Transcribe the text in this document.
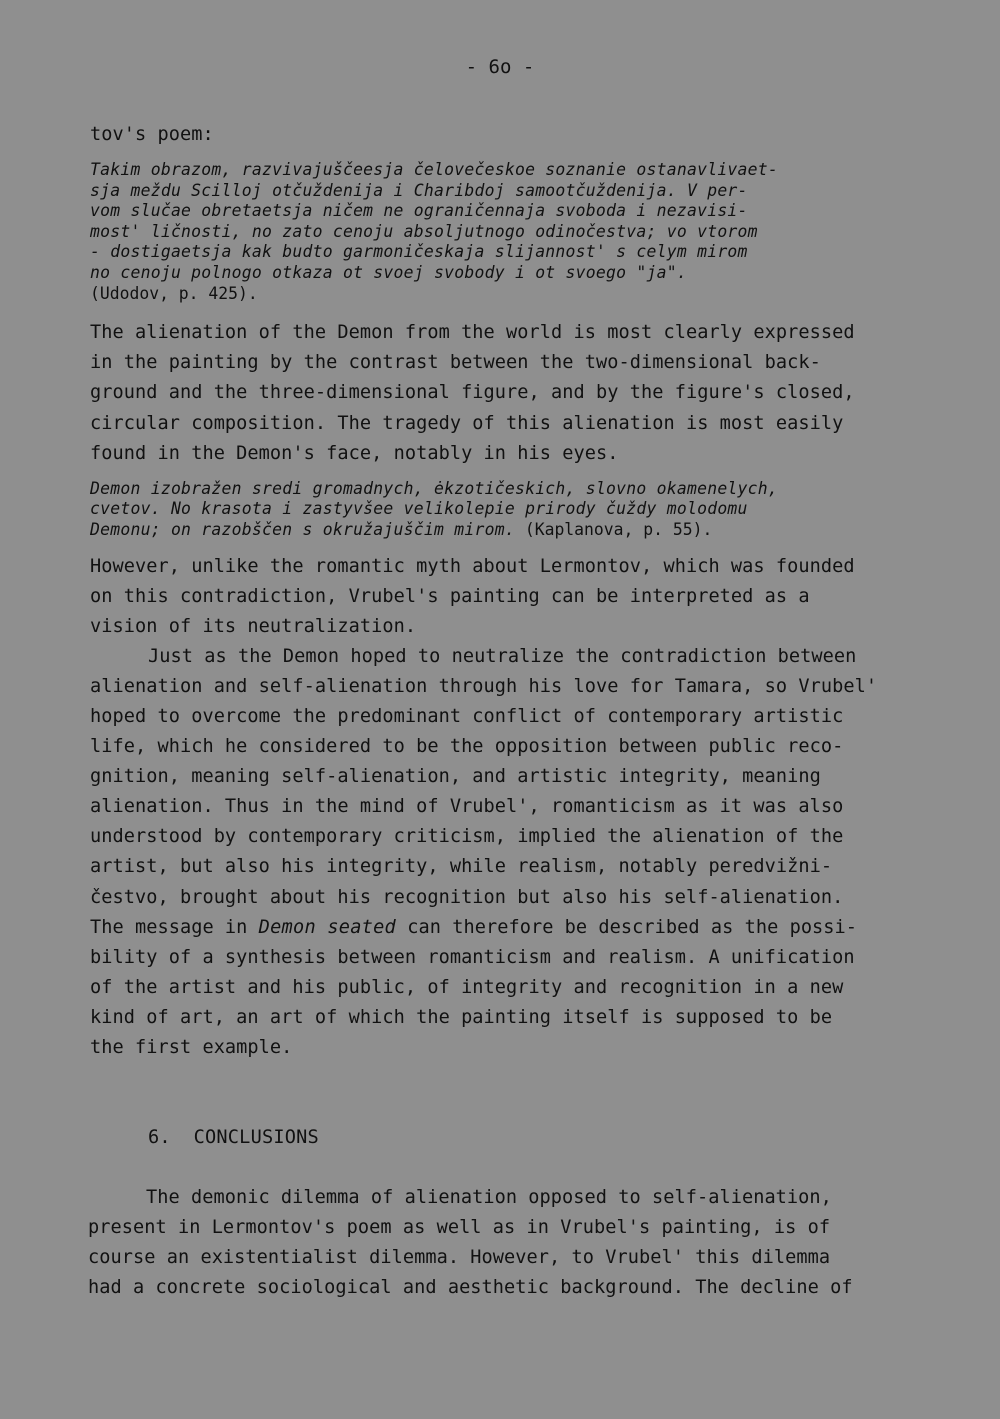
- 6o -

tov's poem:

Takim obrazom, razvivajuščeesja čelovečeskoe soznanie ostanavlivaet-
sja meždu Scilloj otčuždenija i Charibdoj samootčuždenija. V per-
vom slučae obretaetsja ničem ne ograničennaja svoboda i nezavisi-
most' ličnosti, no zato cenoju absoljutnogo odinočestva; vo vtorom
- dostigaetsja kak budto garmoničeskaja slijannost' s celym mirom
no cenoju polnogo otkaza ot svoej svobody i ot svoego "ja".
(Udodov, p. 425).

The alienation of the Demon from the world is most clearly expressed
in the painting by the contrast between the two-dimensional back-
ground and the three-dimensional figure, and by the figure's closed,
circular composition. The tragedy of this alienation is most easily
found in the Demon's face, notably in his eyes.

Demon izobražen sredi gromadnych, ėkzotičeskich, slovno okamenelych,
cvetov. No krasota i zastyvšee velikolepie prirody čuždy molodomu
Demonu; on razobščen s okružajuščim mirom. (Kaplanova, p. 55).

However, unlike the romantic myth about Lermontov, which was founded
on this contradiction, Vrubel's painting can be interpreted as a
vision of its neutralization.

Just as the Demon hoped to neutralize the contradiction between
alienation and self-alienation through his love for Tamara, so Vrubel'
hoped to overcome the predominant conflict of contemporary artistic
life, which he considered to be the opposition between public reco-
gnition, meaning self-alienation, and artistic integrity, meaning
alienation. Thus in the mind of Vrubel', romanticism as it was also
understood by contemporary criticism, implied the alienation of the
artist, but also his integrity, while realism, notably peredvižni-
čestvo, brought about his recognition but also his self-alienation.
The message in Demon seated can therefore be described as the possi-
bility of a synthesis between romanticism and realism. A unification
of the artist and his public, of integrity and recognition in a new
kind of art, an art of which the painting itself is supposed to be
the first example.

6. CONCLUSIONS

The demonic dilemma of alienation opposed to self-alienation,
present in Lermontov's poem as well as in Vrubel's painting, is of
course an existentialist dilemma. However, to Vrubel' this dilemma
had a concrete sociological and aesthetic background. The decline of
